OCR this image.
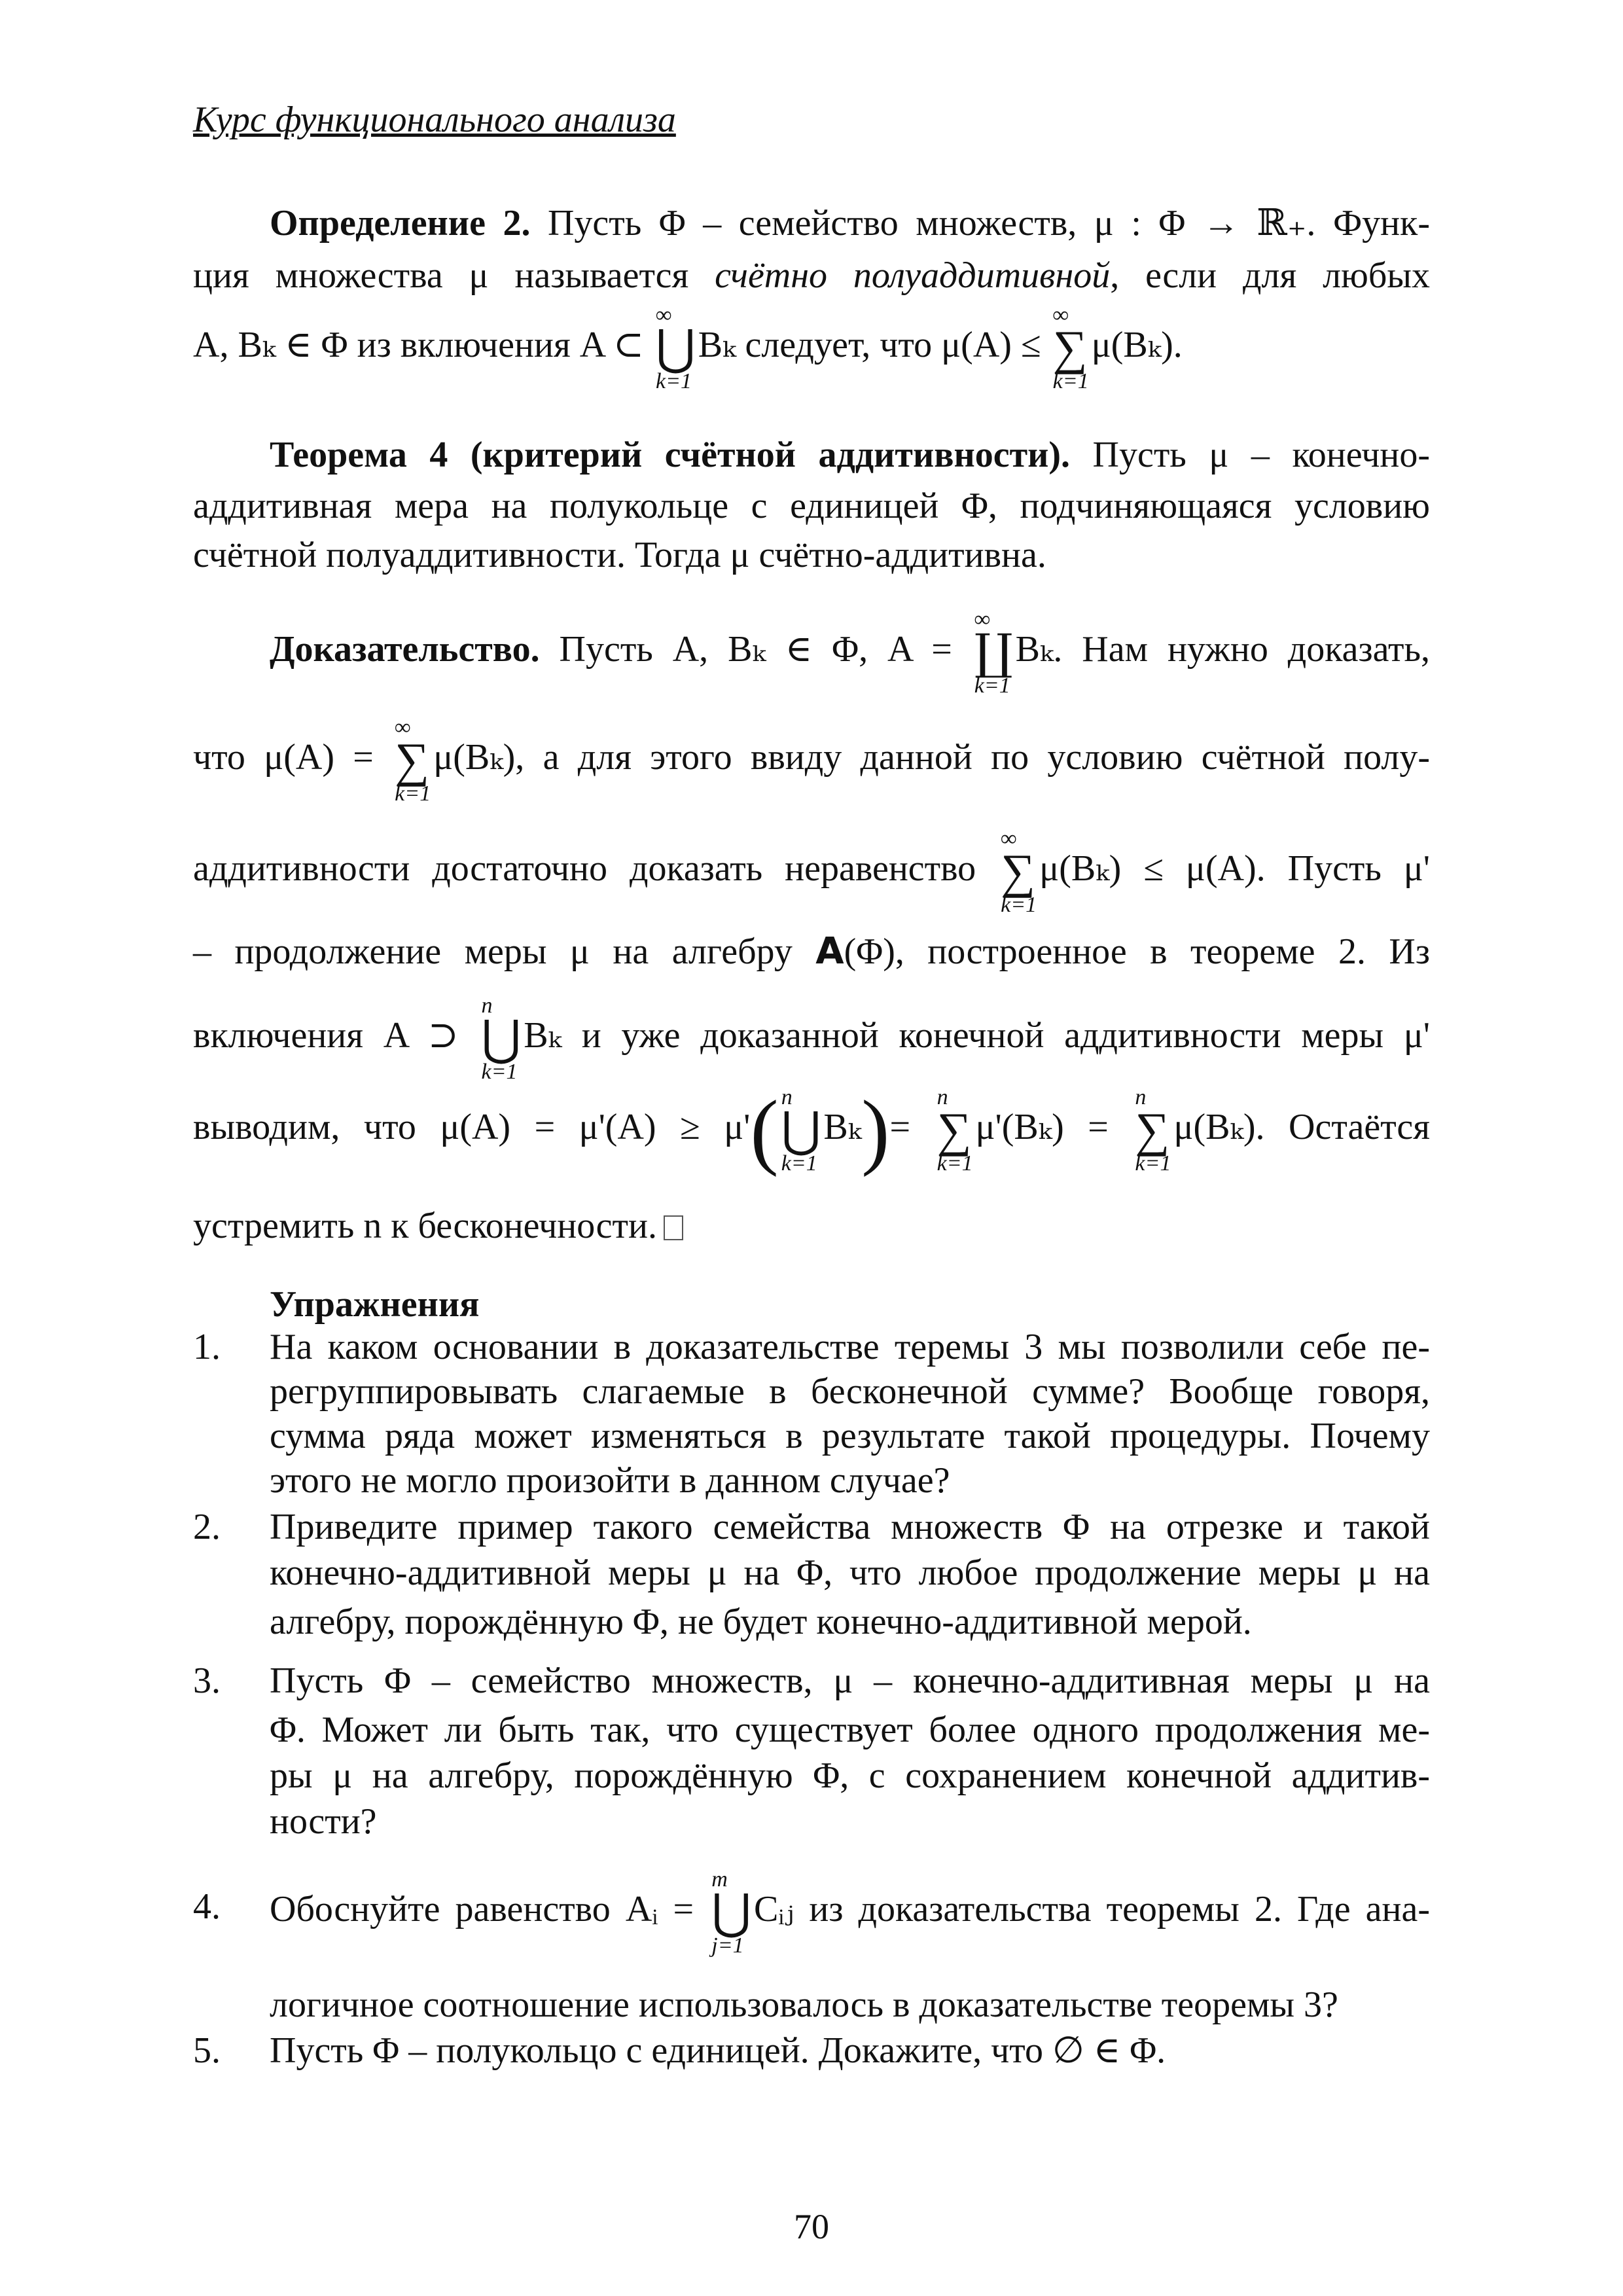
Курс функционального анализа
Определение 2. Пусть Φ – семейство множеств, μ : Φ → ℝ₊. Функ-
ция множества μ называется счётно полуаддитивной, если для любых
A, Bₖ ∈ Φ из включения A ⊂
∞
⋃
k=1
Bₖ следует, что μ(A) ≤
∞
∑
k=1
μ(Bₖ).
Теорема 4 (критерий счётной аддитивности). Пусть μ – конечно-
аддитивная мера на полукольце с единицей Φ, подчиняющаяся условию
счётной полуаддитивности. Тогда μ счётно-аддитивна.
Доказательство. Пусть A, Bₖ ∈ Φ, A =
∞
∐
k=1
Bₖ. Нам нужно доказать,
что μ(A) =
∞
∑
k=1
μ(Bₖ), а для этого ввиду данной по условию счётной полу-
аддитивности достаточно доказать неравенство
∞
∑
k=1
μ(Bₖ) ≤ μ(A). Пусть μ'
– продолжение меры μ на алгебру A(Φ), построенное в теореме 2. Из
включения A ⊃
n
⋃
k=1
Bₖ и уже доказанной конечной аддитивности меры μ'
выводим, что μ(A) = μ'(A) ≥ μ'( n
⋃
k=1
Bₖ)=
n
∑
k=1
μ'(Bₖ) =
n
∑
k=1
μ(Bₖ). Остаётся
устремить n к бесконечности.
Упражнения
1. На каком основании в доказательстве теремы 3 мы позволили себе пе-
регруппировывать слагаемые в бесконечной сумме? Вообще говоря,
сумма ряда может изменяться в результате такой процедуры. Почему
этого не могло произойти в данном случае?
2. Приведите пример такого семейства множеств Φ на отрезке и такой
конечно-аддитивной меры μ на Φ, что любое продолжение меры μ на
алгебру, порождённую Φ, не будет конечно-аддитивной мерой.
3. Пусть Φ – семейство множеств, μ – конечно-аддитивная меры μ на
Φ. Может ли быть так, что существует более одного продолжения ме-
ры μ на алгебру, порождённую Φ, с сохранением конечной аддитив-
ности?
4. Обоснуйте равенство Aᵢ =
m
⋃
j=1
Cᵢⱼ из доказательства теоремы 2. Где ана-
логичное соотношение использовалось в доказательстве теоремы 3?
5. Пусть Φ – полукольцо с единицей. Докажите, что ∅ ∈ Φ.
70
